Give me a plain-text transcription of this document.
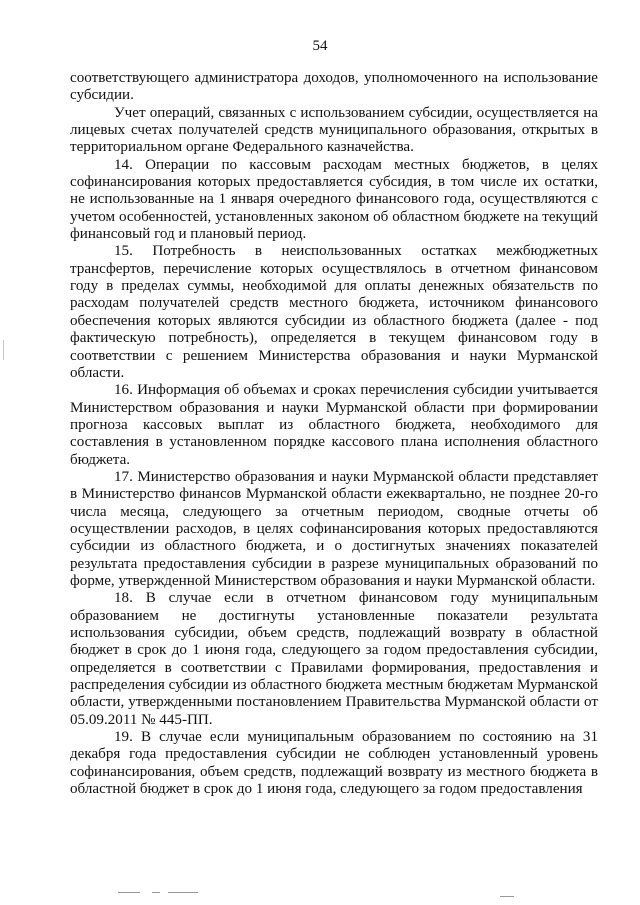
54

соответствующего администратора доходов, уполномоченного на использование субсидии.

Учет операций, связанных с использованием субсидии, осуществляется на лицевых счетах получателей средств муниципального образования, открытых в территориальном органе Федерального казначейства.

14. Операции по кассовым расходам местных бюджетов, в целях софинансирования которых предоставляется субсидия, в том числе их остатки, не использованные на 1 января очередного финансового года, осуществляются с учетом особенностей, установленных законом об областном бюджете на текущий финансовый год и плановый период.

15. Потребность в неиспользованных остатках межбюджетных трансфертов, перечисление которых осуществлялось в отчетном финансовом году в пределах суммы, необходимой для оплаты денежных обязательств по расходам получателей средств местного бюджета, источником финансового обеспечения которых являются субсидии из областного бюджета (далее - под фактическую потребность), определяется в текущем финансовом году в соответствии с решением Министерства образования и науки Мурманской области.

16. Информация об объемах и сроках перечисления субсидии учитывается Министерством образования и науки Мурманской области при формировании прогноза кассовых выплат из областного бюджета, необходимого для составления в установленном порядке кассового плана исполнения областного бюджета.

17. Министерство образования и науки Мурманской области представляет в Министерство финансов Мурманской области ежеквартально, не позднее 20-го числа месяца, следующего за отчетным периодом, сводные отчеты об осуществлении расходов, в целях софинансирования которых предоставляются субсидии из областного бюджета, и о достигнутых значениях показателей результата предоставления субсидии в разрезе муниципальных образований по форме, утвержденной Министерством образования и науки Мурманской области.

18. В случае если в отчетном финансовом году муниципальным образованием не достигнуты установленные показатели результата использования субсидии, объем средств, подлежащий возврату в областной бюджет в срок до 1 июня года, следующего за годом предоставления субсидии, определяется в соответствии с Правилами формирования, предоставления и распределения субсидии из областного бюджета местным бюджетам Мурманской области, утвержденными постановлением Правительства Мурманской области от 05.09.2011 № 445-ПП.

19. В случае если муниципальным образованием по состоянию на 31 декабря года предоставления субсидии не соблюден установленный уровень софинансирования, объем средств, подлежащий возврату из местного бюджета в областной бюджет в срок до 1 июня года, следующего за годом предоставления
